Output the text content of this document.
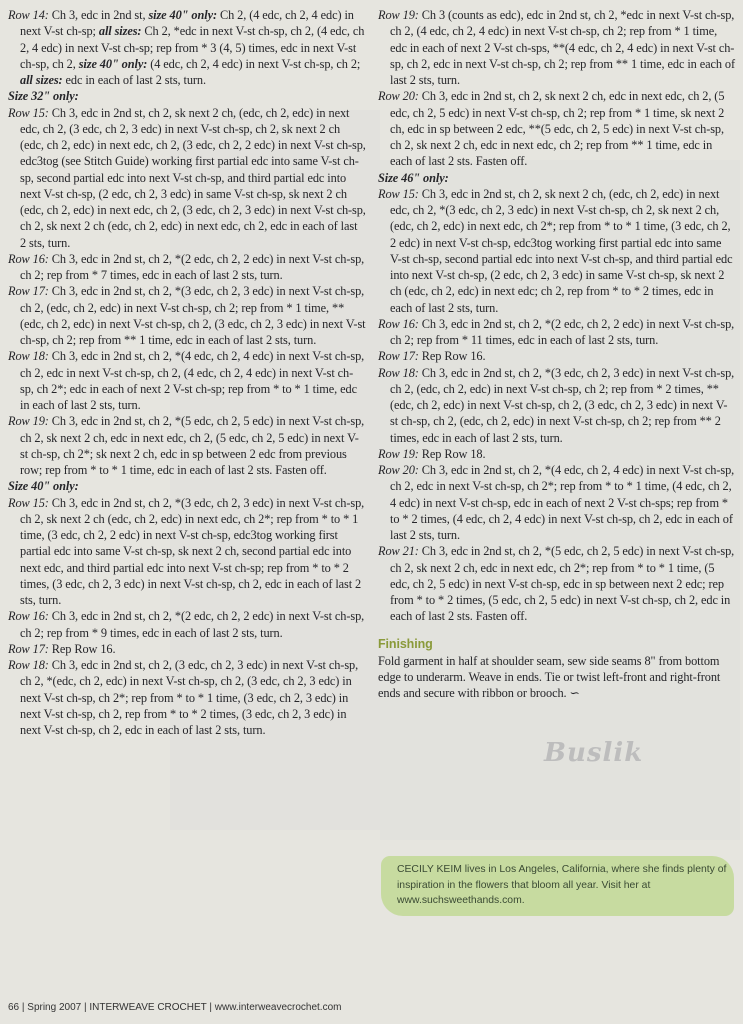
Row 14: Ch 3, edc in 2nd st, size 40" only: Ch 2, (4 edc, ch 2, 4 edc) in next V-st ch-sp; all sizes: Ch 2, *edc in next V-st ch-sp, ch 2, (4 edc, ch 2, 4 edc) in next V-st ch-sp; rep from * 3 (4, 5) times, edc in next V-st ch-sp, ch 2, size 40" only: (4 edc, ch 2, 4 edc) in next V-st ch-sp, ch 2; all sizes: edc in each of last 2 sts, turn.

Size 32" only:

Row 15: Ch 3, edc in 2nd st, ch 2, sk next 2 ch, (edc, ch 2, edc) in next edc, ch 2, (3 edc, ch 2, 3 edc) in next V-st ch-sp, ch 2, sk next 2 ch (edc, ch 2, edc) in next edc, ch 2, (3 edc, ch 2, 2 edc) in next V-st ch-sp, edc3tog (see Stitch Guide) working first partial edc into same V-st ch-sp, second partial edc into next V-st ch-sp, and third partial edc into next V-st ch-sp, (2 edc, ch 2, 3 edc) in same V-st ch-sp, sk next 2 ch (edc, ch 2, edc) in next edc, ch 2, (3 edc, ch 2, 3 edc) in next V-st ch-sp, ch 2, sk next 2 ch (edc, ch 2, edc) in next edc, ch 2, edc in each of last 2 sts, turn.

Row 16: Ch 3, edc in 2nd st, ch 2, *(2 edc, ch 2, 2 edc) in next V-st ch-sp, ch 2; rep from * 7 times, edc in each of last 2 sts, turn.

Row 17: Ch 3, edc in 2nd st, ch 2, *(3 edc, ch 2, 3 edc) in next V-st ch-sp, ch 2, (edc, ch 2, edc) in next V-st ch-sp, ch 2; rep from * 1 time, **(edc, ch 2, edc) in next V-st ch-sp, ch 2, (3 edc, ch 2, 3 edc) in next V-st ch-sp, ch 2; rep from ** 1 time, edc in each of last 2 sts, turn.

Row 18: Ch 3, edc in 2nd st, ch 2, *(4 edc, ch 2, 4 edc) in next V-st ch-sp, ch 2, edc in next V-st ch-sp, ch 2, (4 edc, ch 2, 4 edc) in next V-st ch-sp, ch 2*; edc in each of next 2 V-st ch-sp; rep from * to * 1 time, edc in each of last 2 sts, turn.

Row 19: Ch 3, edc in 2nd st, ch 2, *(5 edc, ch 2, 5 edc) in next V-st ch-sp, ch 2, sk next 2 ch, edc in next edc, ch 2, (5 edc, ch 2, 5 edc) in next V-st ch-sp, ch 2*; sk next 2 ch, edc in sp between 2 edc from previous row; rep from * to * 1 time, edc in each of last 2 sts. Fasten off.

Size 40" only:

Row 15: Ch 3, edc in 2nd st, ch 2, *(3 edc, ch 2, 3 edc) in next V-st ch-sp, ch 2, sk next 2 ch (edc, ch 2, edc) in next edc, ch 2*; rep from * to * 1 time, (3 edc, ch 2, 2 edc) in next V-st ch-sp, edc3tog working first partial edc into same V-st ch-sp, sk next 2 ch, second partial edc into next edc, and third partial edc into next V-st ch-sp; rep from * to * 2 times, (3 edc, ch 2, 3 edc) in next V-st ch-sp, ch 2, edc in each of last 2 sts, turn.

Row 16: Ch 3, edc in 2nd st, ch 2, *(2 edc, ch 2, 2 edc) in next V-st ch-sp, ch 2; rep from * 9 times, edc in each of last 2 sts, turn.

Row 17: Rep Row 16.

Row 18: Ch 3, edc in 2nd st, ch 2, (3 edc, ch 2, 3 edc) in next V-st ch-sp, ch 2, *(edc, ch 2, edc) in next V-st ch-sp, ch 2, (3 edc, ch 2, 3 edc) in next V-st ch-sp, ch 2*; rep from * to * 1 time, (3 edc, ch 2, 3 edc) in next V-st ch-sp, ch 2, rep from * to * 2 times, (3 edc, ch 2, 3 edc) in next V-st ch-sp, ch 2, edc in each of last 2 sts, turn.

Row 19: Ch 3 (counts as edc), edc in 2nd st, ch 2, *edc in next V-st ch-sp, ch 2, (4 edc, ch 2, 4 edc) in next V-st ch-sp, ch 2; rep from * 1 time, edc in each of next 2 V-st ch-sps, **(4 edc, ch 2, 4 edc) in next V-st ch-sp, ch 2, edc in next V-st ch-sp, ch 2; rep from ** 1 time, edc in each of last 2 sts, turn.

Row 20: Ch 3, edc in 2nd st, ch 2, sk next 2 ch, edc in next edc, ch 2, (5 edc, ch 2, 5 edc) in next V-st ch-sp, ch 2; rep from * 1 time, sk next 2 ch, edc in sp between 2 edc, **(5 edc, ch 2, 5 edc) in next V-st ch-sp, ch 2, sk next 2 ch, edc in next edc, ch 2; rep from ** 1 time, edc in each of last 2 sts. Fasten off.

Size 46" only:

Row 15: Ch 3, edc in 2nd st, ch 2, sk next 2 ch, (edc, ch 2, edc) in next edc, ch 2, *(3 edc, ch 2, 3 edc) in next V-st ch-sp, ch 2, sk next 2 ch, (edc, ch 2, edc) in next edc, ch 2*; rep from * to * 1 time, (3 edc, ch 2, 2 edc) in next V-st ch-sp, edc3tog working first partial edc into same V-st ch-sp, second partial edc into next V-st ch-sp, and third partial edc into next V-st ch-sp, (2 edc, ch 2, 3 edc) in same V-st ch-sp, sk next 2 ch (edc, ch 2, edc) in next edc; ch 2, rep from * to * 2 times, edc in each of last 2 sts, turn.

Row 16: Ch 3, edc in 2nd st, ch 2, *(2 edc, ch 2, 2 edc) in next V-st ch-sp, ch 2; rep from * 11 times, edc in each of last 2 sts, turn.

Row 17: Rep Row 16.

Row 18: Ch 3, edc in 2nd st, ch 2, *(3 edc, ch 2, 3 edc) in next V-st ch-sp, ch 2, (edc, ch 2, edc) in next V-st ch-sp, ch 2; rep from * 2 times, **(edc, ch 2, edc) in next V-st ch-sp, ch 2, (3 edc, ch 2, 3 edc) in next V-st ch-sp, ch 2, (edc, ch 2, edc) in next V-st ch-sp, ch 2; rep from ** 2 times, edc in each of last 2 sts, turn.

Row 19: Rep Row 18.

Row 20: Ch 3, edc in 2nd st, ch 2, *(4 edc, ch 2, 4 edc) in next V-st ch-sp, ch 2, edc in next V-st ch-sp, ch 2*; rep from * to * 1 time, (4 edc, ch 2, 4 edc) in next V-st ch-sp, edc in each of next 2 V-st ch-sps; rep from * to * 2 times, (4 edc, ch 2, 4 edc) in next V-st ch-sp, ch 2, edc in each of last 2 sts, turn.

Row 21: Ch 3, edc in 2nd st, ch 2, *(5 edc, ch 2, 5 edc) in next V-st ch-sp, ch 2, sk next 2 ch, edc in next edc, ch 2*; rep from * to * 1 time, (5 edc, ch 2, 5 edc) in next V-st ch-sp, edc in sp between next 2 edc; rep from * to * 2 times, (5 edc, ch 2, 5 edc) in next V-st ch-sp, ch 2, edc in each of last 2 sts. Fasten off.

Finishing

Fold garment in half at shoulder seam, sew side seams 8" from bottom edge to underarm. Weave in ends. Tie or twist left-front and right-front ends and secure with ribbon or brooch. ∽

Buslik
CECILY KEIM lives in Los Angeles, California, where she finds plenty of inspiration in the flowers that bloom all year. Visit her at www.suchsweethands.com.
66 | Spring 2007 | INTERWEAVE CROCHET | www.interweavecrochet.com
